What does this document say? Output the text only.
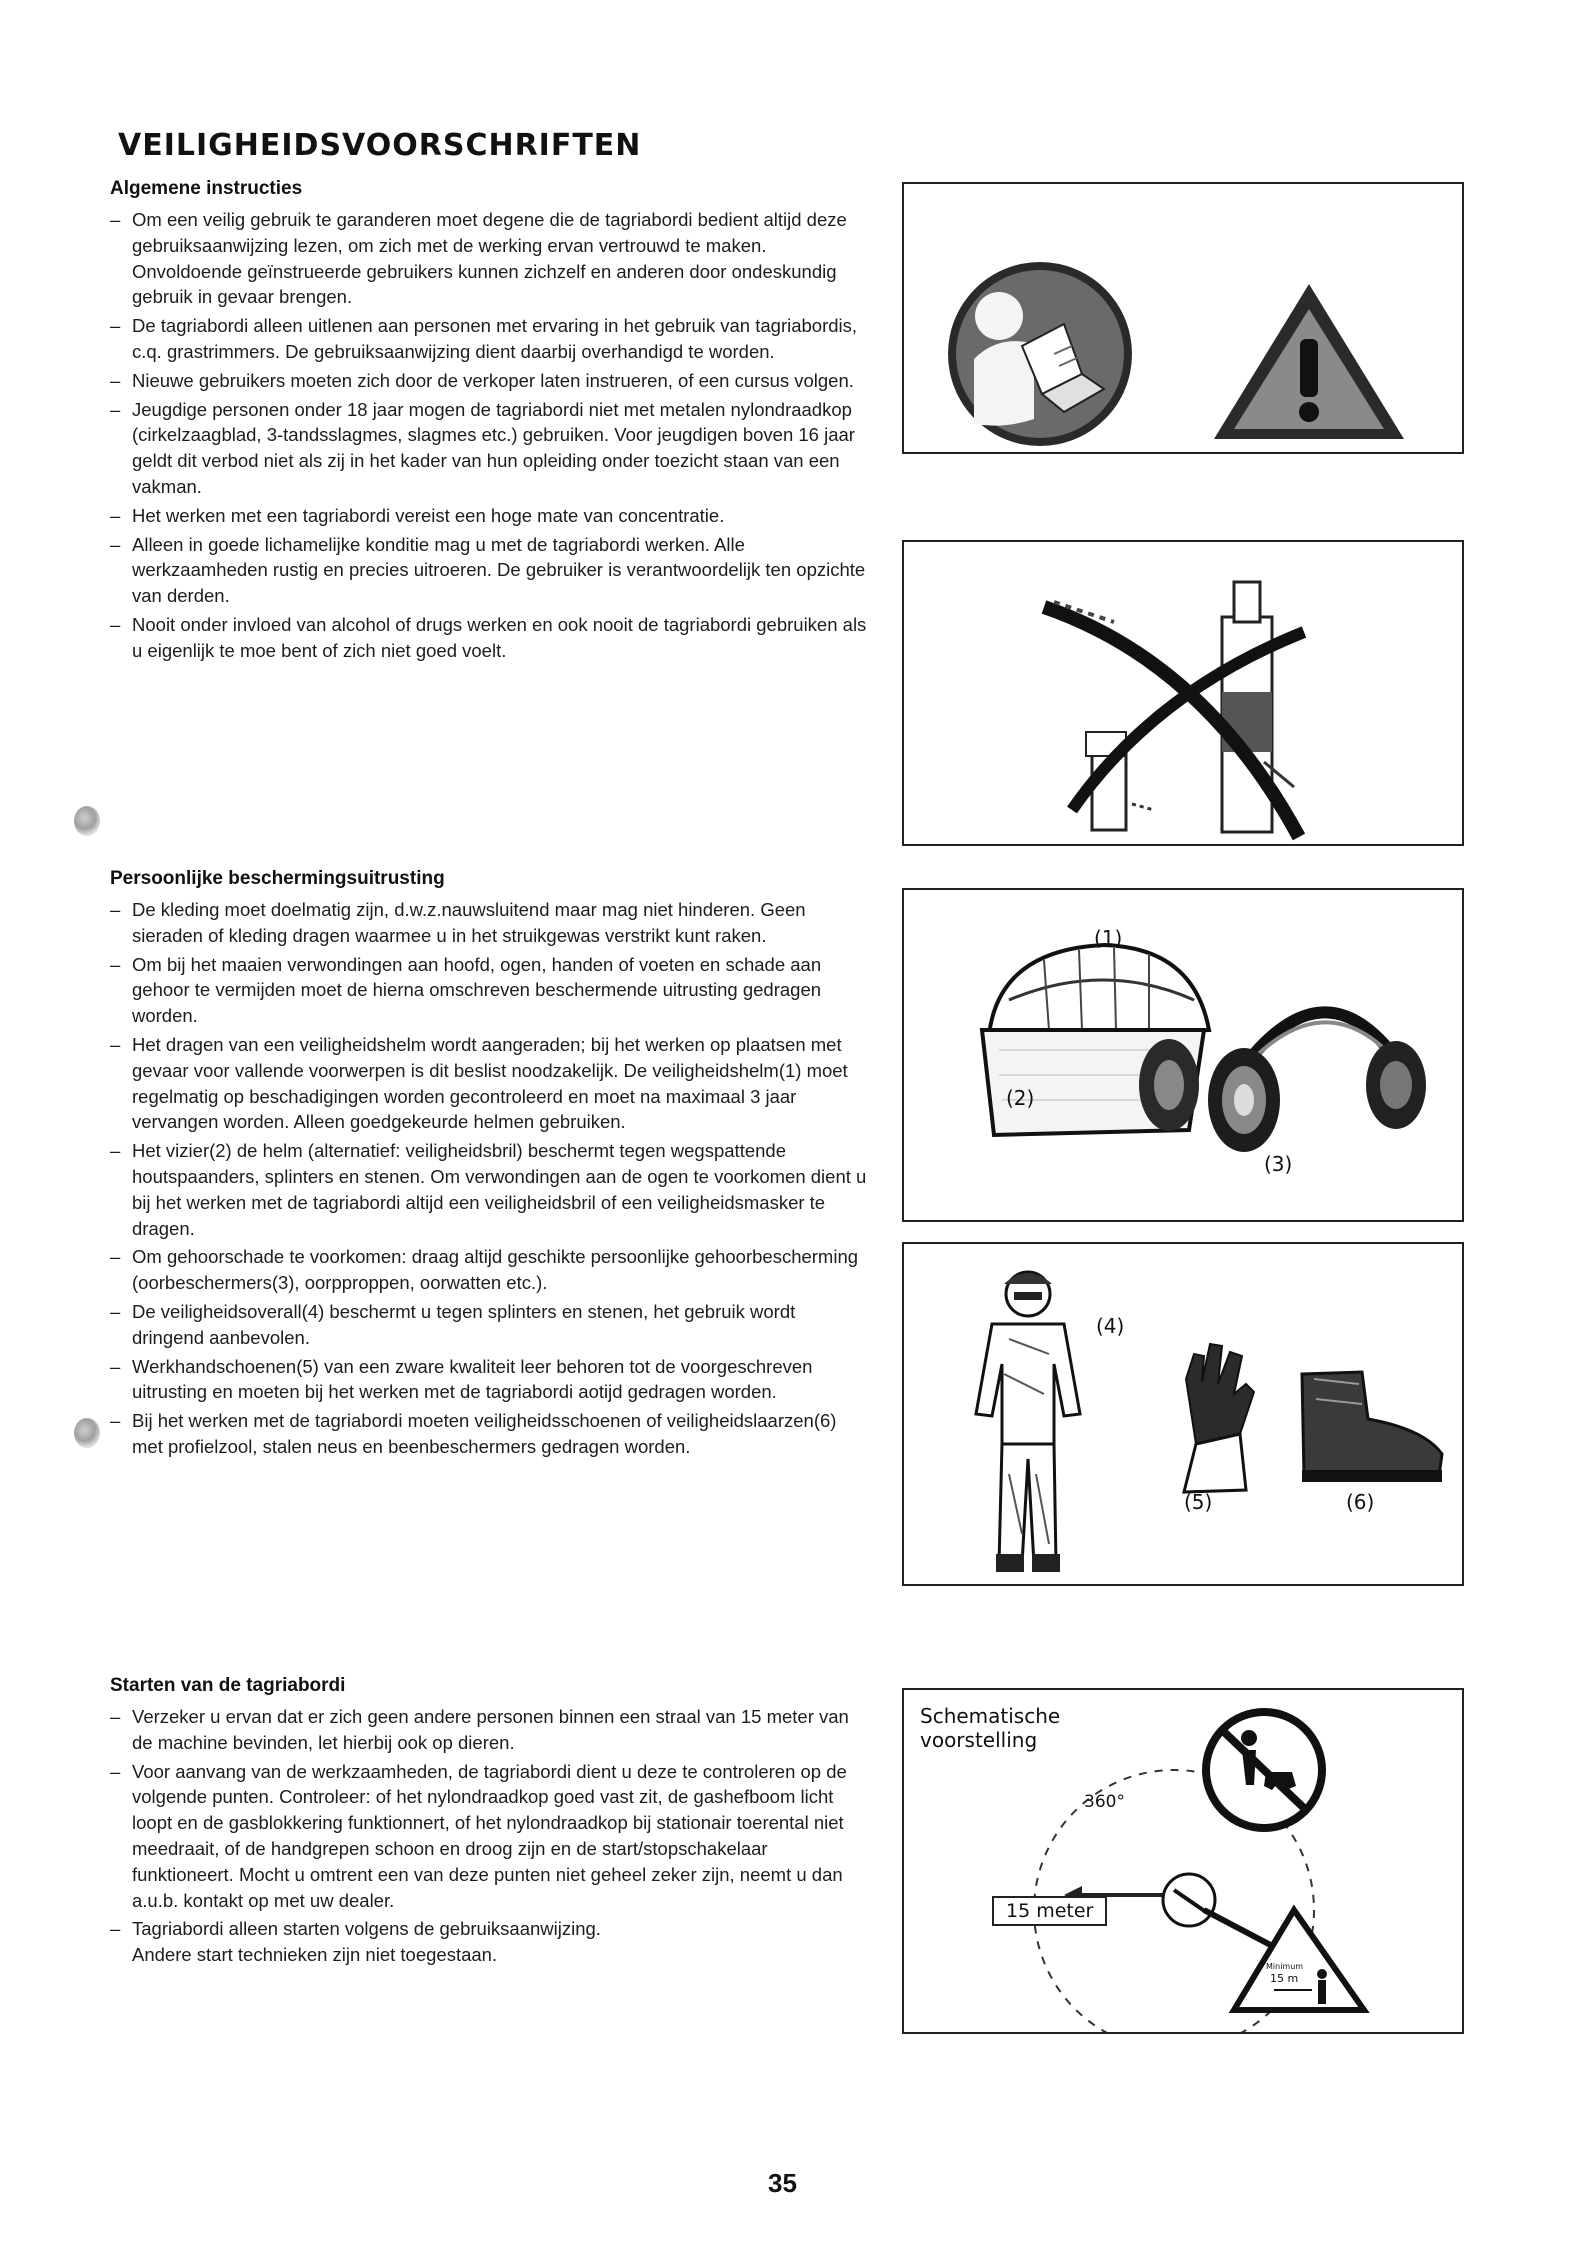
VEILIGHEIDSVOORSCHRIFTEN
Algemene instructies
– Om een veilig gebruik te garanderen moet degene die de tagriabordi bedient altijd deze gebruiksaanwijzing lezen, om zich met de werking ervan vertrouwd te maken. Onvoldoende geïnstrueerde gebruikers kunnen zichzelf en anderen door ondeskundig gebruik in gevaar brengen.
– De tagriabordi alleen uitlenen aan personen met ervaring in het gebruik van tagriabordis, c.q. grastrimmers. De gebruiksaanwijzing dient daarbij overhandigd te worden.
– Nieuwe gebruikers moeten zich door de verkoper laten instrueren, of een cursus volgen.
– Jeugdige personen onder 18 jaar mogen de tagriabordi niet met metalen nylondraadkop (cirkelzaagblad, 3-tandsslagmes, slagmes etc.) gebruiken. Voor jeugdigen boven 16 jaar geldt dit verbod niet als zij in het kader van hun opleiding onder toezicht staan van een vakman.
– Het werken met een tagriabordi vereist een hoge mate van concentratie.
– Alleen in goede lichamelijke konditie mag u met de tagriabordi werken. Alle werkzaamheden rustig en precies uitroeren. De gebruiker is verantwoordelijk ten opzichte van derden.
– Nooit onder invloed van alcohol of drugs werken en ook nooit de tagriabordi gebruiken als u eigenlijk te moe bent of zich niet goed voelt.
Persoonlijke beschermingsuitrusting
– De kleding moet doelmatig zijn, d.w.z.nauwsluitend maar mag niet hinderen. Geen sieraden of kleding dragen waarmee u in het struikgewas verstrikt kunt raken.
– Om bij het maaien verwondingen aan hoofd, ogen, handen of voeten en schade aan gehoor te vermijden moet de hierna omschreven beschermende uitrusting gedragen worden.
– Het dragen van een veiligheidshelm wordt aangeraden; bij het werken op plaatsen met gevaar voor vallende voorwerpen is dit beslist noodzakelijk. De veiligheidshelm(1) moet regelmatig op beschadigingen worden gecontroleerd en moet na maximaal 3 jaar vervangen worden. Alleen goedgekeurde helmen gebruiken.
– Het vizier(2) de helm (alternatief: veiligheidsbril) beschermt tegen wegspattende houtspaanders, splinters en stenen. Om verwondingen aan de ogen te voorkomen dient u bij het werken met de tagriabordi altijd een veiligheidsbril of een veiligheidsmasker te dragen.
– Om gehoorschade te voorkomen: draag altijd geschikte persoonlijke gehoorbescherming (oorbeschermers(3), oorpproppen, oorwatten etc.).
– De veiligheidsoverall(4) beschermt u tegen splinters en stenen, het gebruik wordt dringend aanbevolen.
– Werkhandschoenen(5) van een zware kwaliteit leer behoren tot de voorgeschreven uitrusting en moeten bij het werken met de tagriabordi aotijd gedragen worden.
– Bij het werken met de tagriabordi moeten veiligheidsschoenen of veiligheidslaarzen(6) met profielzool, stalen neus en beenbeschermers gedragen worden.
Starten van de tagriabordi
– Verzeker u ervan dat er zich geen andere personen binnen een straal van 15 meter van de machine bevinden, let hierbij ook op dieren.
– Voor aanvang van de werkzaamheden, de tagriabordi dient u deze te controleren op de volgende punten. Controleer: of het nylondraadkop goed vast zit, de gashefboom licht loopt en de gasblokkering funktionnert, of het nylondraadkop bij stationair toerental niet meedraait, of de handgrepen schoon en droog zijn en de start/stopschakelaar funktioneert. Mocht u omtrent een van deze punten niet geheel zeker zijn, neemt u dan a.u.b. kontakt op met uw dealer.
– Tagriabordi alleen starten volgens de gebruiksaanwijzing.
Andere start technieken zijn niet toegestaan.
(1)
(2)
(3)
(4)
(5)	(6)
Schematische
voorstelling
360°
15 meter
Minimum
15 m
35
